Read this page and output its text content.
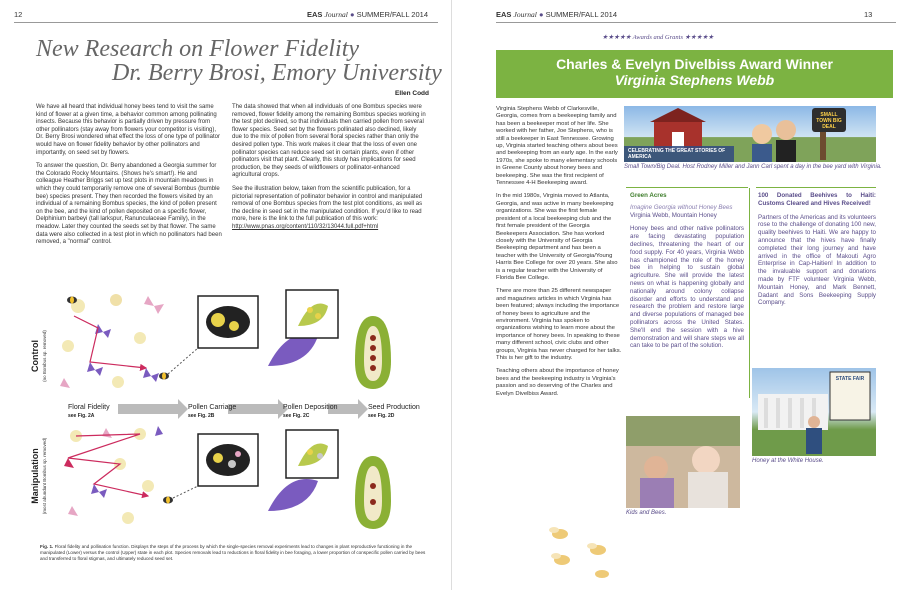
12	EAS Journal ● SUMMER/FALL 2014
New Research on Flower Fidelity
Dr. Berry Brosi, Emory University
Ellen Codd

We have all heard that individual honey bees tend to visit the same kind of flower at a given time, a behavior common among pollinating insects. Because this behavior is partially driven by pressure from other pollinators (stay away from flowers your competitor is visiting), Dr. Berry Brosi wondered what effect the loss of one type of pollinator would have on flower fidelity behavior by other pollinators and importantly, on seed set by flowers.

To answer the question, Dr. Berry abandoned a Georgia summer for the Colorado Rocky Mountains. (Shows he's smart!). He and colleague Heather Briggs set up test plots in mountain meadows in which they could temporarily remove one of several Bombus (bumble bee) species present. They then recorded the flowers visited by an individual of a remaining Bombus species, the kind of pollen present on the bee, and the kind of pollen deposited on a specific flower, Delphinium barbeyi (tall larkspur, Ranunculaceae Family), in the meadow. Later they counted the seeds set by that flower. The same data were also collected in a test plot in which no pollinators had been removed, a "normal" control.

The data showed that when all individuals of one Bombus species were removed, flower fidelity among the remaining Bombus species working in the test plot declined, so that individuals then carried pollen from several flower species. Seed set by the flowers pollinated also declined, likely due to the mix of pollen from several floral species rather than only the desired pollen type. This work makes it clear that the loss of even one pollinator species can reduce seed set in certain plants, even if other pollinators visit that plant. Clearly, this study has implications for seed production, be they seeds of wildflowers or pollinator-enhanced agricultural crops.

See the illustration below, taken from the scientific publication, for a pictorial representation of pollinator behavior in control and manipulated removal of one Bombus species from the test plot conditions, as well as the decline in seed set in the manipulated condition. If you'd like to read more, here is the link to the full publication of this work:

http://www.pnas.org/content/110/32/13044.full.pdf+html
Control (no Bombus sp. removed)
Manipulation (most abundant Bombus sp. removed)
Floral Fidelity
see Fig. 2A
Pollen Carriage
see Fig. 2B
Pollen Deposition
see Fig. 2C
Seed Production
see Fig. 2D
Fig. 1. Floral fidelity and pollination function. Displays the steps of the process by which the single-species removal experiments lead to changes in plant reproductive functioning in the manipulated (Lower) versus the control (Upper) state in each plot. Species removals lead to reductions in floral fidelity in bee foraging, a lower proportion of conspecific pollen carried by bees and transferred to floral stigmas, and ultimately reduced seed set.
EAS Journal ● SUMMER/FALL 2014	13
★★★★★ Awards and Grants ★★★★★
Charles & Evelyn Divelbiss Award Winner
Virginia Stephens Webb

Virginia Stephens Webb of Clarkesville, Georgia, comes from a beekeeping family and has been a beekeeper most of her life. She worked with her father, Joe Stephens, who is still a beekeeper in East Tennessee. Growing up, Virginia started teaching others about bees and beekeeping from an early age. In the early 1970s, she spoke to many elementary schools in Greene County about honey bees and beekeeping. She was the first recipient of Tennessee 4-H Beekeeping award.

In the mid 1980s, Virginia moved to Atlanta, Georgia, and was active in many beekeeping organizations. She was the first female president of a local beekeeping club and the first female president of the Georgia Beekeepers Association. She has worked closely with the University of Georgia Beekeeping department and has been a teacher with the University of Georgia/Young Harris Bee College for over 20 years. She also is a regular teacher with the University of Florida Bee College.

There are more than 25 different newspaper and magazines articles in which Virginia has been featured; always including the importance of honey bees to agriculture and the environment. Virginia has spoken to organizations wishing to learn more about the importance of honey bees. In speaking to these many different school, civic clubs and other groups, Virginia has never charged for her talks. This is her gift to the industry.

Teaching others about the importance of honey bees and the beekeeping industry is Virginia's passion and so deserving of the Charles and Evelyn Divelbiss Award.

CELEBRATING THE GREAT STORIES OF AMERICA
SMALL TOWN BIG DEAL
Small Town/Big Deal. Host Rodney Miller and Jann Carl spent a day in the bee yard with Virginia.
Green Acres
Imagine Georgia without Honey Bees
Virginia Webb, Mountain Honey
Honey bees and other native pollinators are facing devastating population declines, threatening the heart of our food supply. For 40 years, Virginia Webb has championed the role of the honey bee in helping to sustain global agriculture. She will provide the latest news on what is happening globally and nationally around colony collapse disorder and efforts to understand and research the problem and restore large and diverse populations of managed bee pollinators across the United States. She'll end the session with a hive demonstration and will share steps we all can take to be part of the solution.
100 Donated Beehives to Haiti: Customs Cleared and Hives Received!
Partners of the Americas and its volunteers rose to the challenge of donating 100 new, quality beehives to Haiti. We are happy to announce that the hives have finally completed their long journey and have arrived in the office of Makouti Agro Enterprise in Cap-Haitien! In addition to the invaluable support and donations made by FTF volunteer Virginia Webb, Mountain Honey, and Mark Bennett, Dadant and Sons Beekeeping Supply Company.
Kids and Bees.
STATE FAIR
Honey at the White House.
